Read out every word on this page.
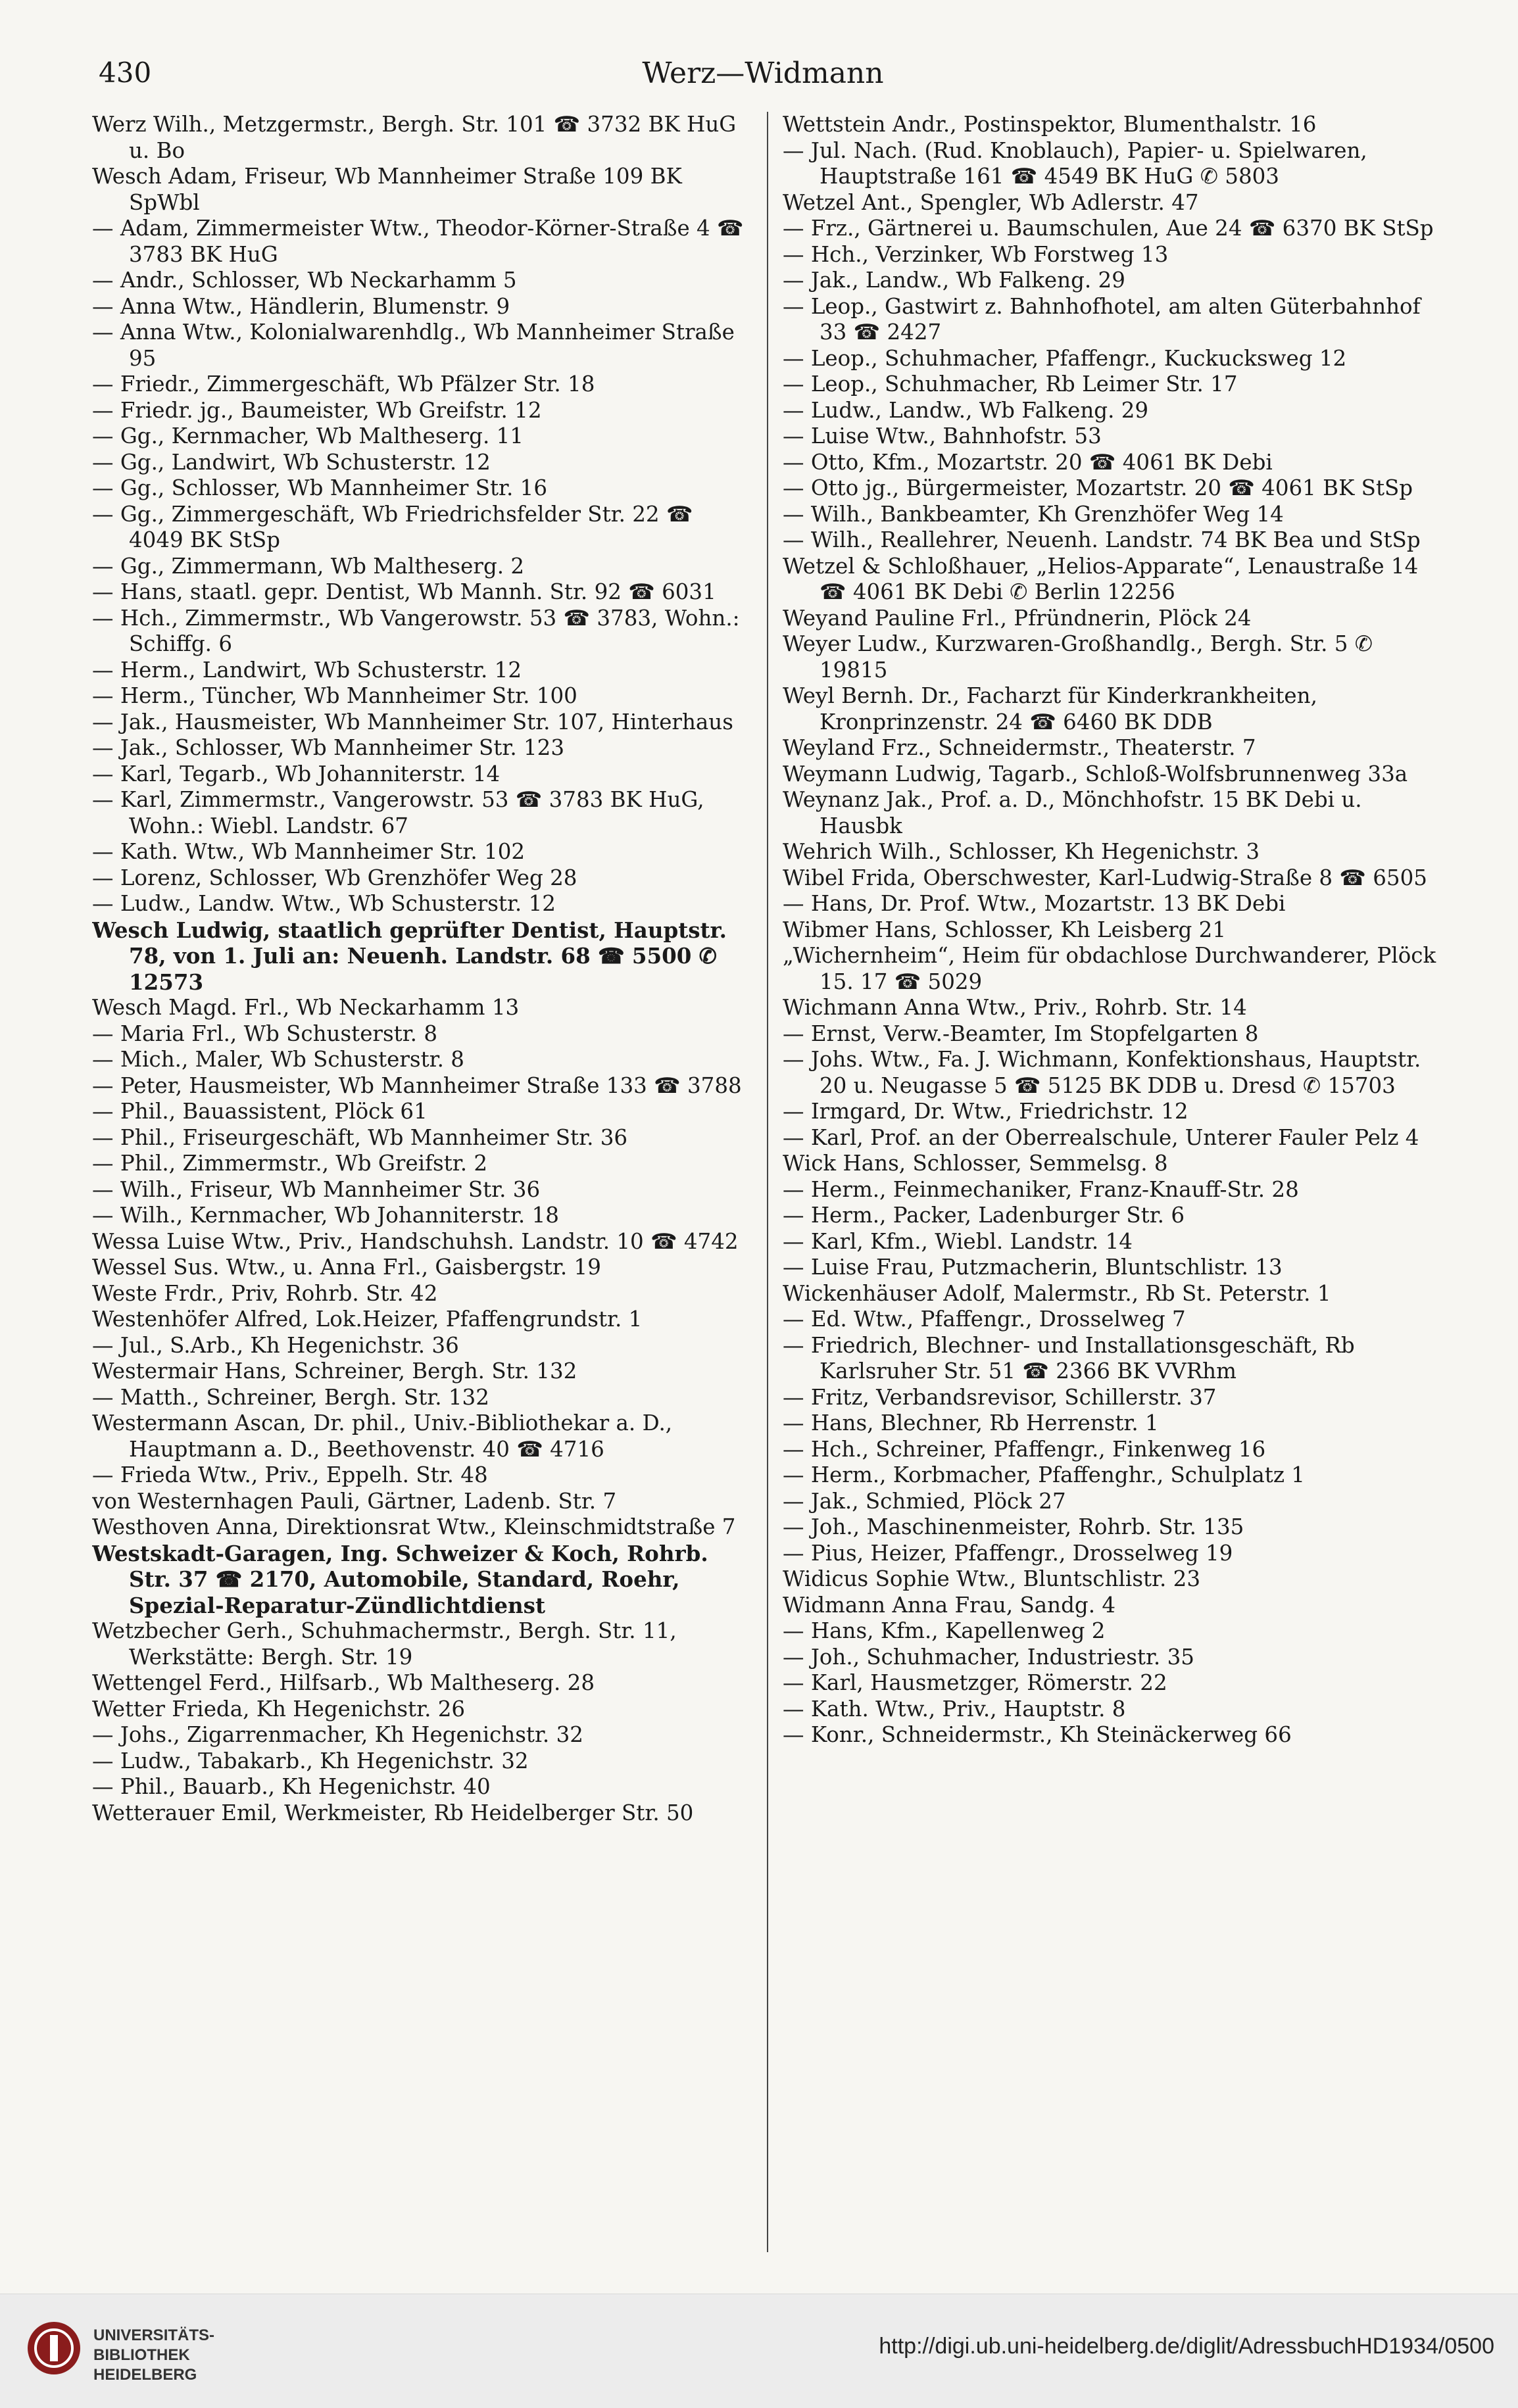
430	Werz—Widmann
Werz Wilh., Metzgermstr., Bergh. Str. 101 ☎ 3732 BK HuG u. Bo
Wesch Adam, Friseur, Wb Mannheimer Straße 109 BK SpWbl
— Adam, Zimmermeister Wtw., Theodor-Körner-Straße 4 ☎ 3783 BK HuG
— Andr., Schlosser, Wb Neckarhamm 5
— Anna Wtw., Händlerin, Blumenstr. 9
— Anna Wtw., Kolonialwarenhdlg., Wb Mannheimer Straße 95
— Friedr., Zimmergeschäft, Wb Pfälzer Str. 18
— Friedr. jg., Baumeister, Wb Greifstr. 12
— Gg., Kernmacher, Wb Maltheserg. 11
— Gg., Landwirt, Wb Schusterstr. 12
— Gg., Schlosser, Wb Mannheimer Str. 16
— Gg., Zimmergeschäft, Wb Friedrichsfelder Str. 22 ☎ 4049 BK StSp
— Gg., Zimmermann, Wb Maltheserg. 2
— Hans, staatl. gepr. Dentist, Wb Mannh. Str. 92 ☎ 6031
— Hch., Zimmermstr., Wb Vangerowstr. 53 ☎ 3783, Wohn.: Schiffg. 6
— Herm., Landwirt, Wb Schusterstr. 12
— Herm., Tüncher, Wb Mannheimer Str. 100
— Jak., Hausmeister, Wb Mannheimer Str. 107, Hinterhaus
— Jak., Schlosser, Wb Mannheimer Str. 123
— Karl, Tegarb., Wb Johanniterstr. 14
— Karl, Zimmermstr., Vangerowstr. 53 ☎ 3783 BK HuG, Wohn.: Wiebl. Landstr. 67
— Kath. Wtw., Wb Mannheimer Str. 102
— Lorenz, Schlosser, Wb Grenzhöfer Weg 28
— Ludw., Landw. Wtw., Wb Schusterstr. 12
Wesch Ludwig, staatlich geprüfter Dentist, Hauptstr. 78, von 1. Juli an: Neuenh. Landstr. 68 ☎ 5500 ✆ 12573
Wesch Magd. Frl., Wb Neckarhamm 13
— Maria Frl., Wb Schusterstr. 8
— Mich., Maler, Wb Schusterstr. 8
— Peter, Hausmeister, Wb Mannheimer Straße 133 ☎ 3788
— Phil., Bauassistent, Plöck 61
— Phil., Friseurgeschäft, Wb Mannheimer Str. 36
— Phil., Zimmermstr., Wb Greifstr. 2
— Wilh., Friseur, Wb Mannheimer Str. 36
— Wilh., Kernmacher, Wb Johanniterstr. 18
Wessa Luise Wtw., Priv., Handschuhsh. Landstr. 10 ☎ 4742
Wessel Sus. Wtw., u. Anna Frl., Gaisbergstr. 19
Weste Frdr., Priv, Rohrb. Str. 42
Westenhöfer Alfred, Lok.Heizer, Pfaffengrundstr. 1
— Jul., S.Arb., Kh Hegenichstr. 36
Westermair Hans, Schreiner, Bergh. Str. 132
— Matth., Schreiner, Bergh. Str. 132
Westermann Ascan, Dr. phil., Univ.-Bibliothekar a. D., Hauptmann a. D., Beethovenstr. 40 ☎ 4716
— Frieda Wtw., Priv., Eppelh. Str. 48
von Westernhagen Pauli, Gärtner, Ladenb. Str. 7
Westhoven Anna, Direktionsrat Wtw., Kleinschmidtstraße 7
Westskadt-Garagen, Ing. Schweizer & Koch, Rohrb. Str. 37 ☎ 2170, Automobile, Standard, Roehr, Spezial-Reparatur-Zündlichtdienst
Wetzbecher Gerh., Schuhmachermstr., Bergh. Str. 11, Werkstätte: Bergh. Str. 19
Wettengel Ferd., Hilfsarb., Wb Maltheserg. 28
Wetter Frieda, Kh Hegenichstr. 26
— Johs., Zigarrenmacher, Kh Hegenichstr. 32
— Ludw., Tabakarb., Kh Hegenichstr. 32
— Phil., Bauarb., Kh Hegenichstr. 40
Wetterauer Emil, Werkmeister, Rb Heidelberger Str. 50
Wettstein Andr., Postinspektor, Blumenthalstr. 16
— Jul. Nach. (Rud. Knoblauch), Papier- u. Spielwaren, Hauptstraße 161 ☎ 4549 BK HuG ✆ 5803
Wetzel Ant., Spengler, Wb Adlerstr. 47
— Frz., Gärtnerei u. Baumschulen, Aue 24 ☎ 6370 BK StSp
— Hch., Verzinker, Wb Forstweg 13
— Jak., Landw., Wb Falkeng. 29
— Leop., Gastwirt z. Bahnhofhotel, am alten Güterbahnhof 33 ☎ 2427
— Leop., Schuhmacher, Pfaffengr., Kuckucksweg 12
— Leop., Schuhmacher, Rb Leimer Str. 17
— Ludw., Landw., Wb Falkeng. 29
— Luise Wtw., Bahnhofstr. 53
— Otto, Kfm., Mozartstr. 20 ☎ 4061 BK Debi
— Otto jg., Bürgermeister, Mozartstr. 20 ☎ 4061 BK StSp
— Wilh., Bankbeamter, Kh Grenzhöfer Weg 14
— Wilh., Reallehrer, Neuenh. Landstr. 74 BK Bea und StSp
Wetzel & Schloßhauer, „Helios-Apparate“, Lenaustraße 14 ☎ 4061 BK Debi ✆ Berlin 12256
Weyand Pauline Frl., Pfründnerin, Plöck 24
Weyer Ludw., Kurzwaren-Großhandlg., Bergh. Str. 5 ✆ 19815
Weyl Bernh. Dr., Facharzt für Kinderkrankheiten, Kronprinzenstr. 24 ☎ 6460 BK DDB
Weyland Frz., Schneidermstr., Theaterstr. 7
Weymann Ludwig, Tagarb., Schloß-Wolfsbrunnenweg 33a
Weynanz Jak., Prof. a. D., Mönchhofstr. 15 BK Debi u. Hausbk
Wehrich Wilh., Schlosser, Kh Hegenichstr. 3
Wibel Frida, Oberschwester, Karl-Ludwig-Straße 8 ☎ 6505
— Hans, Dr. Prof. Wtw., Mozartstr. 13 BK Debi
Wibmer Hans, Schlosser, Kh Leisberg 21
„Wichernheim“, Heim für obdachlose Durchwanderer, Plöck 15. 17 ☎ 5029
Wichmann Anna Wtw., Priv., Rohrb. Str. 14
— Ernst, Verw.-Beamter, Im Stopfelgarten 8
— Johs. Wtw., Fa. J. Wichmann, Konfektionshaus, Hauptstr. 20 u. Neugasse 5 ☎ 5125 BK DDB u. Dresd ✆ 15703
— Irmgard, Dr. Wtw., Friedrichstr. 12
— Karl, Prof. an der Oberrealschule, Unterer Fauler Pelz 4
Wick Hans, Schlosser, Semmelsg. 8
— Herm., Feinmechaniker, Franz-Knauff-Str. 28
— Herm., Packer, Ladenburger Str. 6
— Karl, Kfm., Wiebl. Landstr. 14
— Luise Frau, Putzmacherin, Bluntschlistr. 13
Wickenhäuser Adolf, Malermstr., Rb St. Peterstr. 1
— Ed. Wtw., Pfaffengr., Drosselweg 7
— Friedrich, Blechner- und Installationsgeschäft, Rb Karlsruher Str. 51 ☎ 2366 BK VVRhm
— Fritz, Verbandsrevisor, Schillerstr. 37
— Hans, Blechner, Rb Herrenstr. 1
— Hch., Schreiner, Pfaffengr., Finkenweg 16
— Herm., Korbmacher, Pfaffenghr., Schulplatz 1
— Jak., Schmied, Plöck 27
— Joh., Maschinenmeister, Rohrb. Str. 135
— Pius, Heizer, Pfaffengr., Drosselweg 19
Widicus Sophie Wtw., Bluntschlistr. 23
Widmann Anna Frau, Sandg. 4
— Hans, Kfm., Kapellenweg 2
— Joh., Schuhmacher, Industriestr. 35
— Karl, Hausmetzger, Römerstr. 22
— Kath. Wtw., Priv., Hauptstr. 8
— Konr., Schneidermstr., Kh Steinäckerweg 66
UNIVERSITÄTS-
BIBLIOTHEK
HEIDELBERG
http://digi.ub.uni-heidelberg.de/diglit/AdressbuchHD1934/0500
